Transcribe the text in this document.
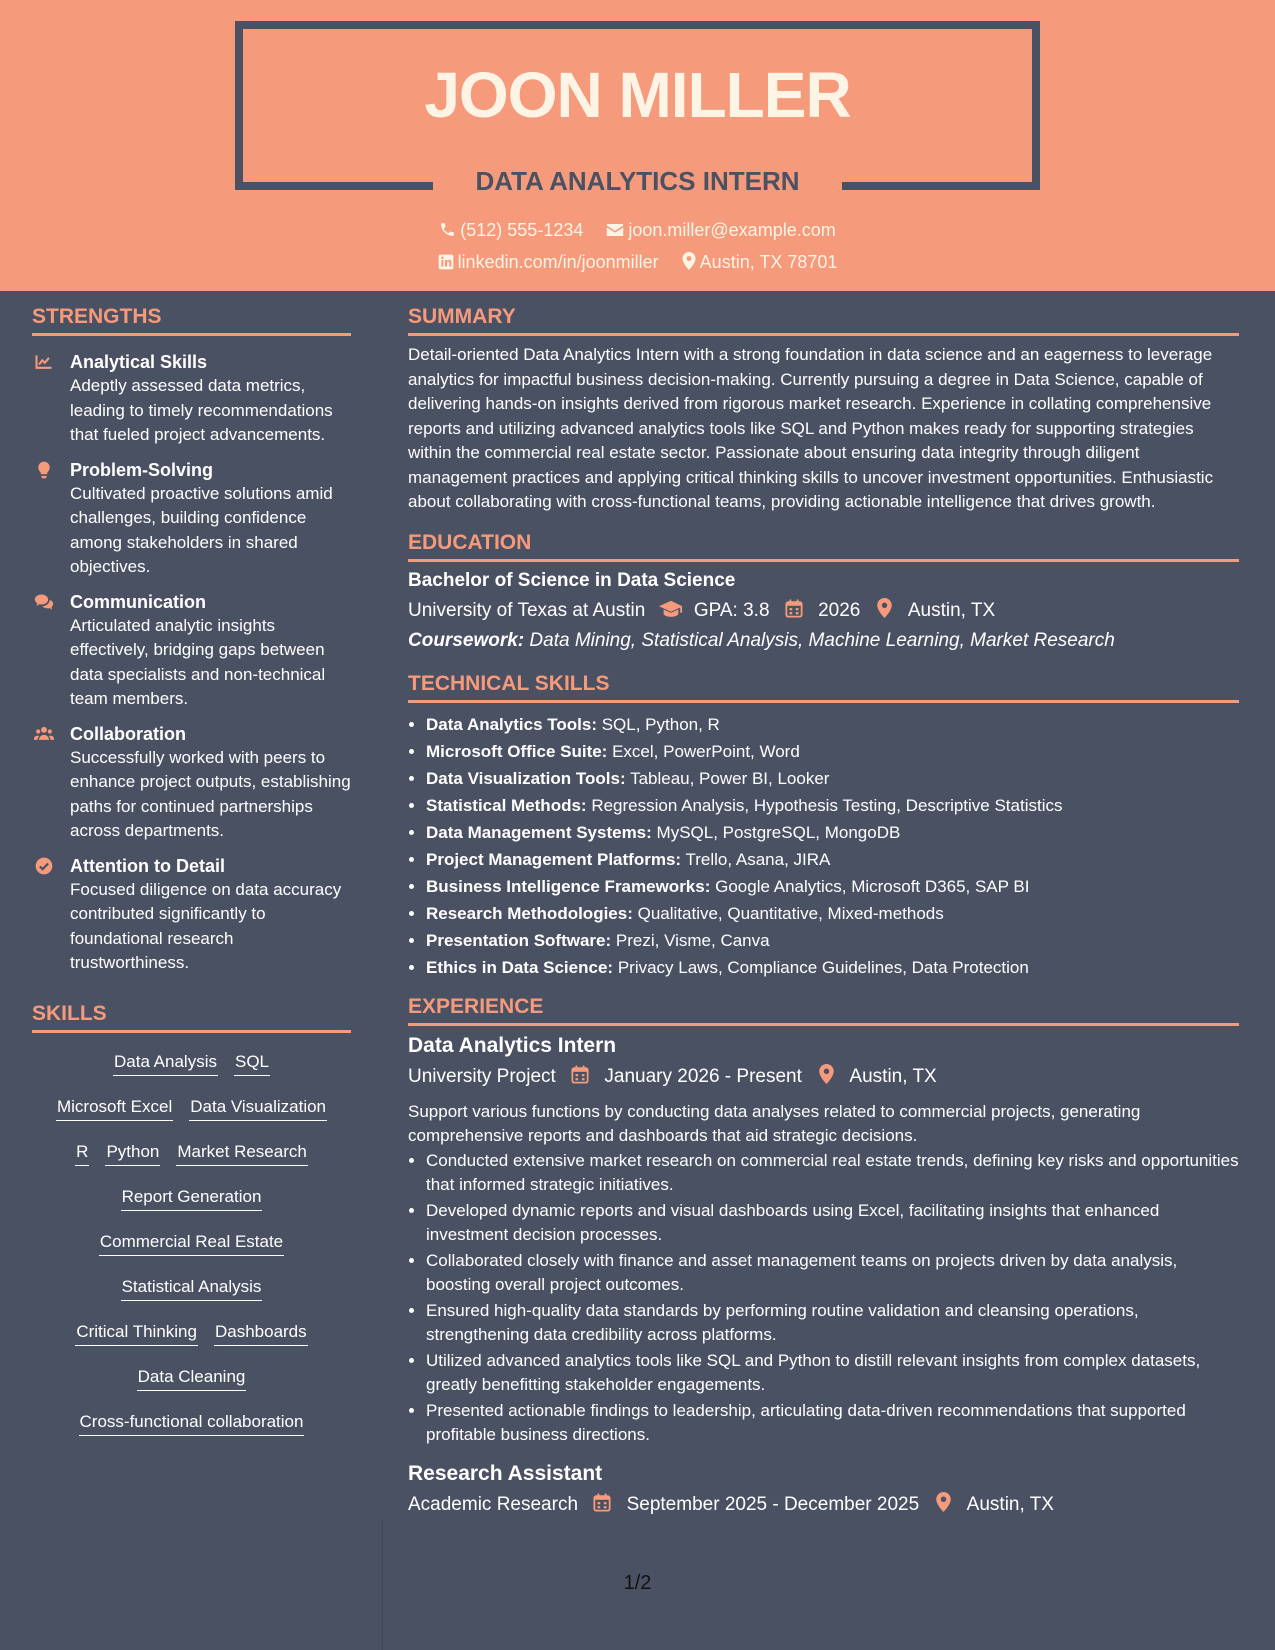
JOON MILLER
DATA ANALYTICS INTERN
(512) 555-1234	joon.miller@example.com
linkedin.com/in/joonmiller Austin, TX 78701
STRENGTHS
Analytical Skills
Adeptly assessed data metrics, leading to timely recommendations that fueled project advancements.
Problem-Solving
Cultivated proactive solutions amid challenges, building confidence among stakeholders in shared objectives.
Communication
Articulated analytic insights effectively, bridging gaps between data specialists and non-technical team members.
Collaboration
Successfully worked with peers to enhance project outputs, establishing paths for continued partnerships across departments.
Attention to Detail
Focused diligence on data accuracy contributed significantly to foundational research trustworthiness.
SKILLS
Data Analysis SQL
Microsoft Excel Data Visualization
R Python Market Research
Report Generation
Commercial Real Estate
Statistical Analysis
Critical Thinking Dashboards
Data Cleaning
Cross-functional collaboration
SUMMARY

Detail-oriented Data Analytics Intern with a strong foundation in data science and an eagerness to leverage analytics for impactful business decision-making. Currently pursuing a degree in Data Science, capable of delivering hands-on insights derived from rigorous market research. Experience in collating comprehensive reports and utilizing advanced analytics tools like SQL and Python makes ready for supporting strategies within the commercial real estate sector. Passionate about ensuring data integrity through diligent management practices and applying critical thinking skills to uncover investment opportunities. Enthusiastic about collaborating with cross-functional teams, providing actionable intelligence that drives growth.

EDUCATION
Bachelor of Science in Data Science
University of Texas at Austin	GPA: 3.8	2026	Austin, TX
Coursework: Data Mining, Statistical Analysis, Machine Learning, Market Research
TECHNICAL SKILLS
• Data Analytics Tools: SQL, Python, R
• Microsoft Office Suite: Excel, PowerPoint, Word
• Data Visualization Tools: Tableau, Power BI, Looker
• Statistical Methods: Regression Analysis, Hypothesis Testing, Descriptive Statistics
• Data Management Systems: MySQL, PostgreSQL, MongoDB
• Project Management Platforms: Trello, Asana, JIRA
• Business Intelligence Frameworks: Google Analytics, Microsoft D365, SAP BI
• Research Methodologies: Qualitative, Quantitative, Mixed-methods
• Presentation Software: Prezi, Visme, Canva
• Ethics in Data Science: Privacy Laws, Compliance Guidelines, Data Protection
EXPERIENCE
Data Analytics Intern
University Project	January 2026 - Present	Austin, TX
Support various functions by conducting data analyses related to commercial projects, generating comprehensive reports and dashboards that aid strategic decisions.
• Conducted extensive market research on commercial real estate trends, defining key risks and opportunities that informed strategic initiatives.
• Developed dynamic reports and visual dashboards using Excel, facilitating insights that enhanced investment decision processes.
• Collaborated closely with finance and asset management teams on projects driven by data analysis, boosting overall project outcomes.
• Ensured high-quality data standards by performing routine validation and cleansing operations, strengthening data credibility across platforms.
• Utilized advanced analytics tools like SQL and Python to distill relevant insights from complex datasets, greatly benefitting stakeholder engagements.
• Presented actionable findings to leadership, articulating data-driven recommendations that supported profitable business directions.
Research Assistant
Academic Research	September 2025 - December 2025	Austin, TX
1/2
